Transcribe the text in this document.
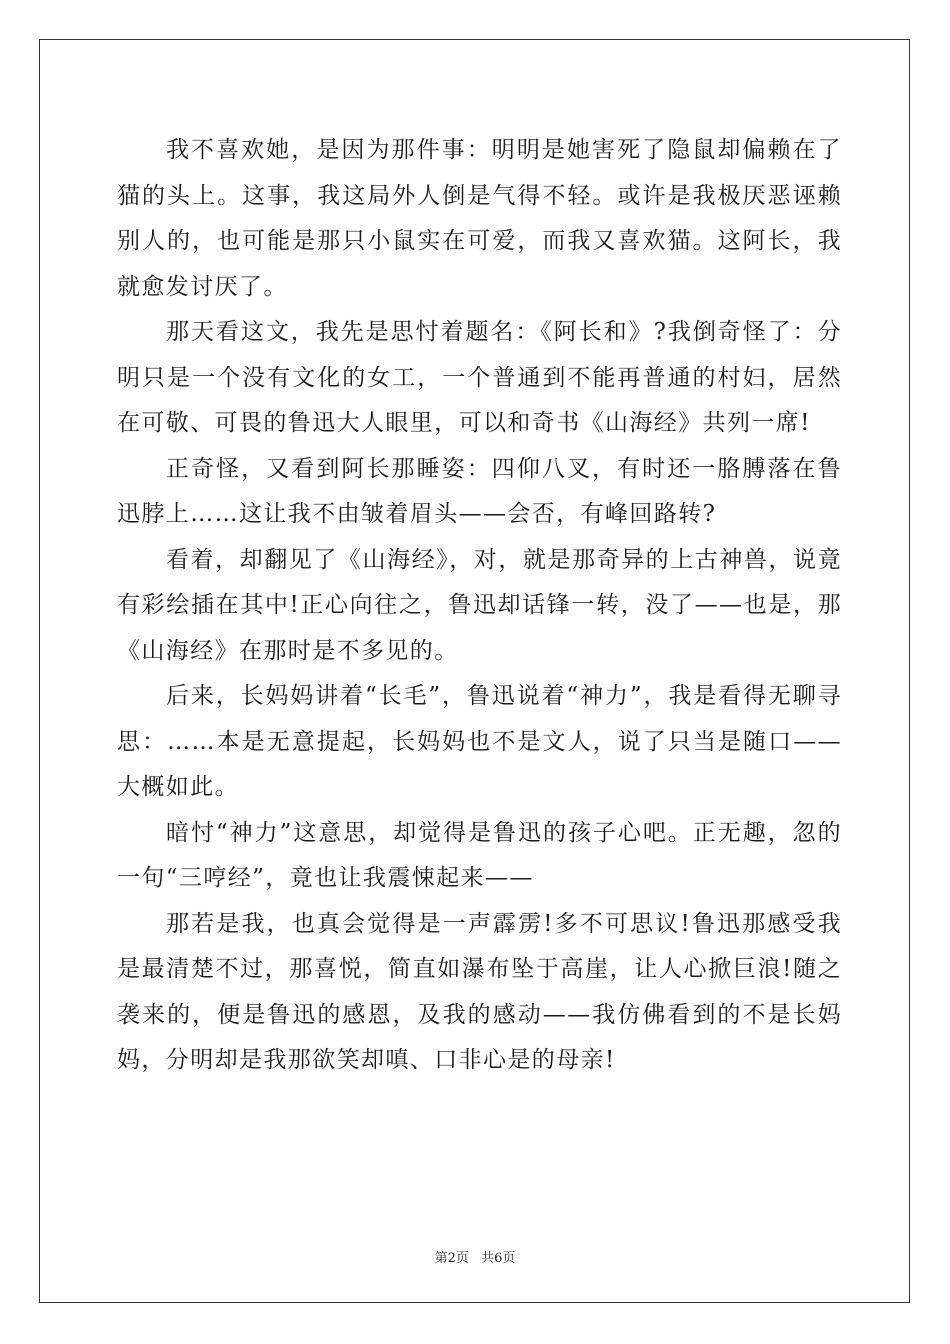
我不喜欢她，是因为那件事：明明是她害死了隐鼠却偏赖在了猫的头上。这事，我这局外人倒是气得不轻。或许是我极厌恶诬赖别人的，也可能是那只小鼠实在可爱，而我又喜欢猫。这阿长，我就愈发讨厌了。

那天看这文，我先是思忖着题名：《阿长和》?我倒奇怪了：分明只是一个没有文化的女工，一个普通到不能再普通的村妇，居然在可敬、可畏的鲁迅大人眼里，可以和奇书《山海经》共列一席!

正奇怪，又看到阿长那睡姿：四仰八叉，有时还一胳膊落在鲁迅脖上……这让我不由皱着眉头——会否，有峰回路转?

看着，却翻见了《山海经》，对，就是那奇异的上古神兽，说竟有彩绘插在其中!正心向往之，鲁迅却话锋一转，没了——也是，那《山海经》在那时是不多见的。

后来，长妈妈讲着“长毛”，鲁迅说着“神力”，我是看得无聊寻思：……本是无意提起，长妈妈也不是文人，说了只当是随口——大概如此。

暗忖“神力”这意思，却觉得是鲁迅的孩子心吧。正无趣，忽的一句“三哼经”，竟也让我震悚起来——

那若是我，也真会觉得是一声霹雳!多不可思议!鲁迅那感受我是最清楚不过，那喜悦，简直如瀑布坠于高崖，让人心掀巨浪!随之袭来的，便是鲁迅的感恩，及我的感动——我仿佛看到的不是长妈妈，分明却是我那欲笑却嗔、口非心是的母亲!

第2页 共6页
